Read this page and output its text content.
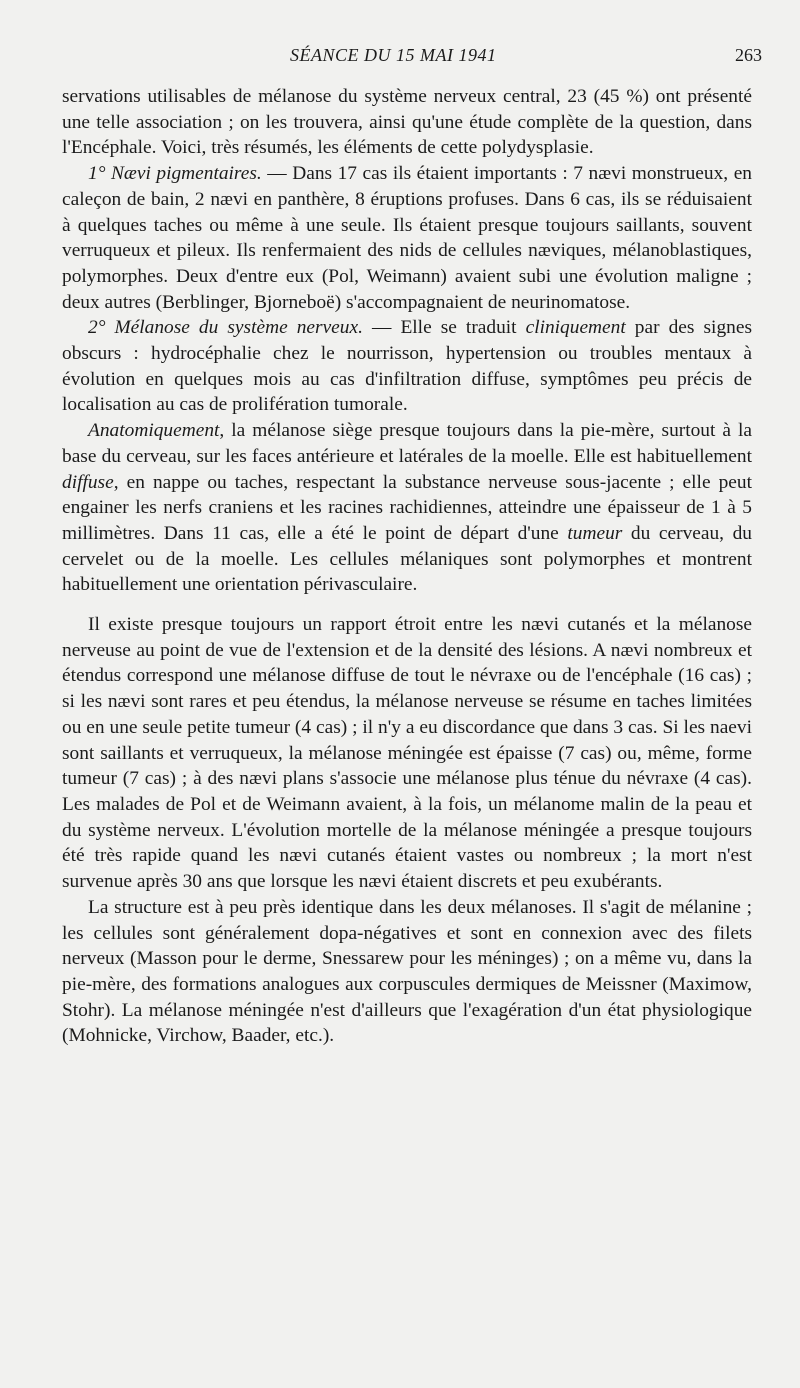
SÉANCE DU 15 MAI 1941	263

servations utilisables de mélanose du système nerveux central, 23 (45 %) ont présenté une telle association ; on les trouvera, ainsi qu'une étude complète de la question, dans l'Encéphale. Voici, très résumés, les éléments de cette polydysplasie.

1° Nævi pigmentaires. — Dans 17 cas ils étaient importants : 7 nævi monstrueux, en caleçon de bain, 2 nævi en panthère, 8 éruptions profuses. Dans 6 cas, ils se réduisaient à quelques taches ou même à une seule. Ils étaient presque toujours saillants, souvent verruqueux et pileux. Ils renfermaient des nids de cellules næviques, mélanoblastiques, polymorphes. Deux d'entre eux (Pol, Weimann) avaient subi une évolution maligne ; deux autres (Berblinger, Bjorneboë) s'accompagnaient de neurinomatose.

2° Mélanose du système nerveux. — Elle se traduit cliniquement par des signes obscurs : hydrocéphalie chez le nourrisson, hypertension ou troubles mentaux à évolution en quelques mois au cas d'infiltration diffuse, symptômes peu précis de localisation au cas de prolifération tumorale.

Anatomiquement, la mélanose siège presque toujours dans la pie-mère, surtout à la base du cerveau, sur les faces antérieure et latérales de la moelle. Elle est habituellement diffuse, en nappe ou taches, respectant la substance nerveuse sous-jacente ; elle peut engainer les nerfs craniens et les racines rachidiennes, atteindre une épaisseur de 1 à 5 millimètres. Dans 11 cas, elle a été le point de départ d'une tumeur du cerveau, du cervelet ou de la moelle. Les cellules mélaniques sont polymorphes et montrent habituellement une orientation périvasculaire.

Il existe presque toujours un rapport étroit entre les nævi cutanés et la mélanose nerveuse au point de vue de l'extension et de la densité des lésions. A nævi nombreux et étendus correspond une mélanose diffuse de tout le névraxe ou de l'encéphale (16 cas) ; si les nævi sont rares et peu étendus, la mélanose nerveuse se résume en taches limitées ou en une seule petite tumeur (4 cas) ; il n'y a eu discordance que dans 3 cas. Si les naevi sont saillants et verruqueux, la mélanose méningée est épaisse (7 cas) ou, même, forme tumeur (7 cas) ; à des nævi plans s'associe une mélanose plus ténue du névraxe (4 cas). Les malades de Pol et de Weimann avaient, à la fois, un mélanome malin de la peau et du système nerveux. L'évolution mortelle de la mélanose méningée a presque toujours été très rapide quand les nævi cutanés étaient vastes ou nombreux ; la mort n'est survenue après 30 ans que lorsque les nævi étaient discrets et peu exubérants.

La structure est à peu près identique dans les deux mélanoses. Il s'agit de mélanine ; les cellules sont généralement dopa-négatives et sont en connexion avec des filets nerveux (Masson pour le derme, Snessarew pour les méninges) ; on a même vu, dans la pie-mère, des formations analogues aux corpuscules dermiques de Meissner (Maximow, Stohr). La mélanose méningée n'est d'ailleurs que l'exagération d'un état physiologique (Mohnicke, Virchow, Baader, etc.).
